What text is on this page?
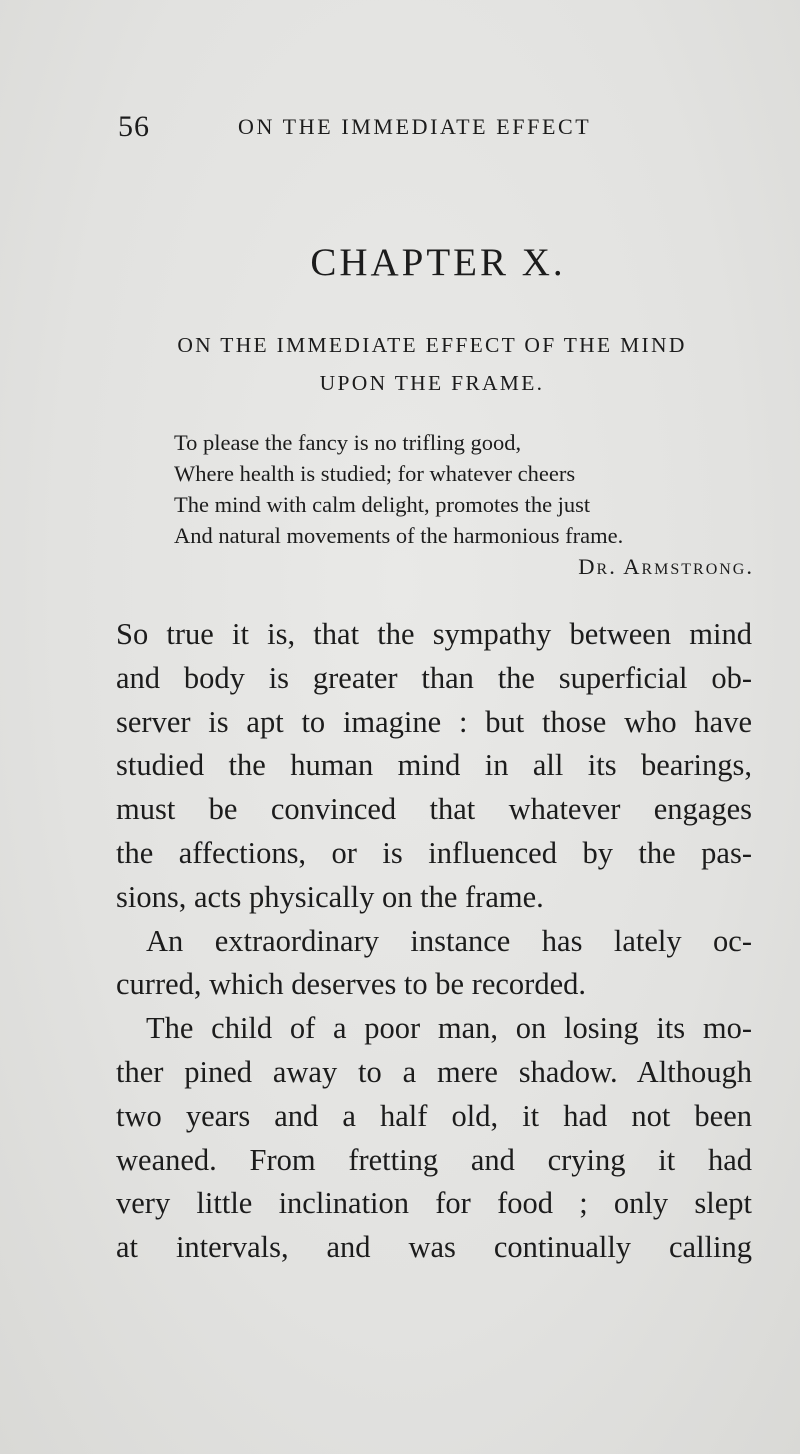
56	ON THE IMMEDIATE EFFECT
CHAPTER X.
ON THE IMMEDIATE EFFECT OF THE MIND
UPON THE FRAME.
To please the fancy is no trifling good,
Where health is studied; for whatever cheers
The mind with calm delight, promotes the just
And natural movements of the harmonious frame.
Dr. Armstrong.
So true it is, that the sympathy between mind
and body is greater than the superficial ob-
server is apt to imagine : but those who have
studied the human mind in all its bearings,
must be convinced that whatever engages
the affections, or is influenced by the pas-
sions, acts physically on the frame.
An extraordinary instance has lately oc-
curred, which deserves to be recorded.
The child of a poor man, on losing its mo-
ther pined away to a mere shadow. Although
two years and a half old, it had not been
weaned. From fretting and crying it had
very little inclination for food ; only slept
at intervals, and was continually calling
